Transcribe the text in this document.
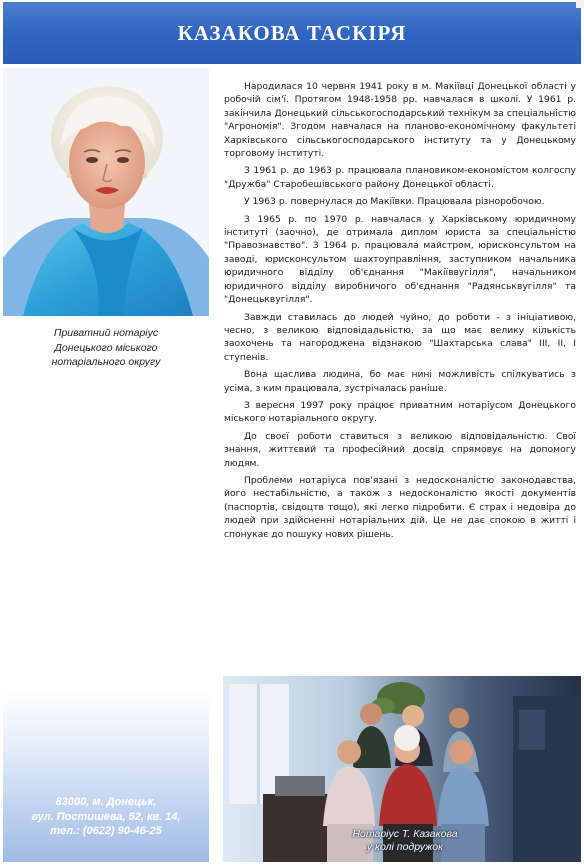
КАЗАКОВА ТАСКІРЯ
Приватний нотаріус
Донецького міського
нотаріального округу
83000, м. Донецьк,
вул. Постишева, 52, кв. 14,
тел.: (0622) 90-46-25

Народилася 10 червня 1941 року в м. Макіївці Донецької області у робочій сім'ї. Протягом 1948-1958 рр. навчалася в школі. У 1961 р. закінчила Донецький сільськогосподарський технікум за спеціальністю "Агрономія". Згодом навчалася на планово-економічному факультеті Харківського сільськогосподарського інституту та у Донецькому торговому інституті.

З 1961 р. до 1963 р. працювала плановиком-економістом колгоспу "Дружба" Старобешівського району Донецької області.

У 1963 р. повернулася до Макіївки. Працювала різноробочою.

З 1965 р. по 1970 р. навчалася у Харківському юридичному інституті (заочно), де отримала диплом юриста за спеціальністю "Правознавство". З 1964 р. працювала майстром, юрисконсультом на заводі, юрисконсультом шахтоуправління, заступником начальника юридичного відділу об'єднання "Макіїввугілля", начальником юридичного відділу виробничого об'єднання "Радянськвугілля" та "Донецьквугілля".

Завжди ставилась до людей чуйно, до роботи - з ініціативою, чесно, з великою відповідальністю, за що має велику кількість заохочень та нагороджена відзнакою "Шахтарська слава" III, II, I ступенів.

Вона щаслива людина, бо має нині можливість спілкуватись з усіма, з ким працювала, зустрічалась раніше.

З вересня 1997 року працює приватним нотаріусом Донецького міського нотаріального округу.

До своєї роботи ставиться з великою відповідальністю. Свої знання, життєвий та професійний досвід спрямовує на допомогу людям.

Проблеми нотаріуса пов'язані з недосконалістю законодавства, його нестабільністю, а також з недосконалістю якості документів (паспортів, свідоцтв тощо), які легко підробити. Є страх і недовіра до людей при здійсненні нотаріальних дій. Це не дає спокою в житті і спонукає до пошуку нових рішень.

Нотаріус Т. Казакова
у колі подружок
